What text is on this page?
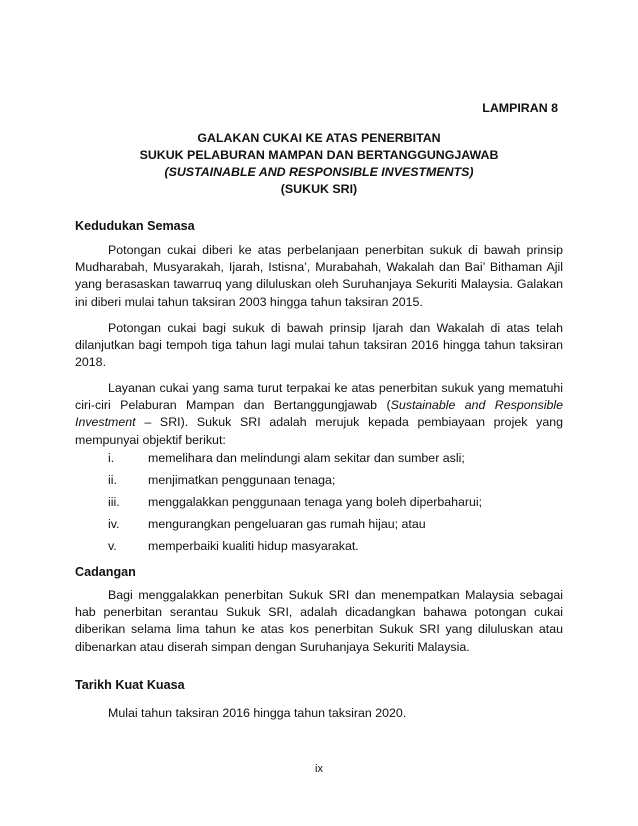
LAMPIRAN 8
GALAKAN CUKAI KE ATAS PENERBITAN
SUKUK PELABURAN MAMPAN DAN BERTANGGUNGJAWAB
(SUSTAINABLE AND RESPONSIBLE INVESTMENTS)
(SUKUK SRI)
Kedudukan Semasa

Potongan cukai diberi ke atas perbelanjaan penerbitan sukuk di bawah prinsip Mudharabah, Musyarakah, Ijarah, Istisna’, Murabahah, Wakalah dan Bai’ Bithaman Ajil yang berasaskan tawarruq yang diluluskan oleh Suruhanjaya Sekuriti Malaysia. Galakan ini diberi mulai tahun taksiran 2003 hingga tahun taksiran 2015.

Potongan cukai bagi sukuk di bawah prinsip Ijarah dan Wakalah di atas telah dilanjutkan bagi tempoh tiga tahun lagi mulai tahun taksiran 2016 hingga tahun taksiran 2018.

Layanan cukai yang sama turut terpakai ke atas penerbitan sukuk yang mematuhi ciri-ciri Pelaburan Mampan dan Bertanggungjawab (Sustainable and Responsible Investment – SRI). Sukuk SRI adalah merujuk kepada pembiayaan projek yang mempunyai objektif berikut:

i.	memelihara dan melindungi alam sekitar dan sumber asli;
ii.	menjimatkan penggunaan tenaga;
iii.	menggalakkan penggunaan tenaga yang boleh diperbaharui;
iv.	mengurangkan pengeluaran gas rumah hijau; atau
v.	memperbaiki kualiti hidup masyarakat.
Cadangan

Bagi menggalakkan penerbitan Sukuk SRI dan menempatkan Malaysia sebagai hab penerbitan serantau Sukuk SRI, adalah dicadangkan bahawa potongan cukai diberikan selama lima tahun ke atas kos penerbitan Sukuk SRI yang diluluskan atau dibenarkan atau diserah simpan dengan Suruhanjaya Sekuriti Malaysia.

Tarikh Kuat Kuasa
Mulai tahun taksiran 2016 hingga tahun taksiran 2020.
ix
